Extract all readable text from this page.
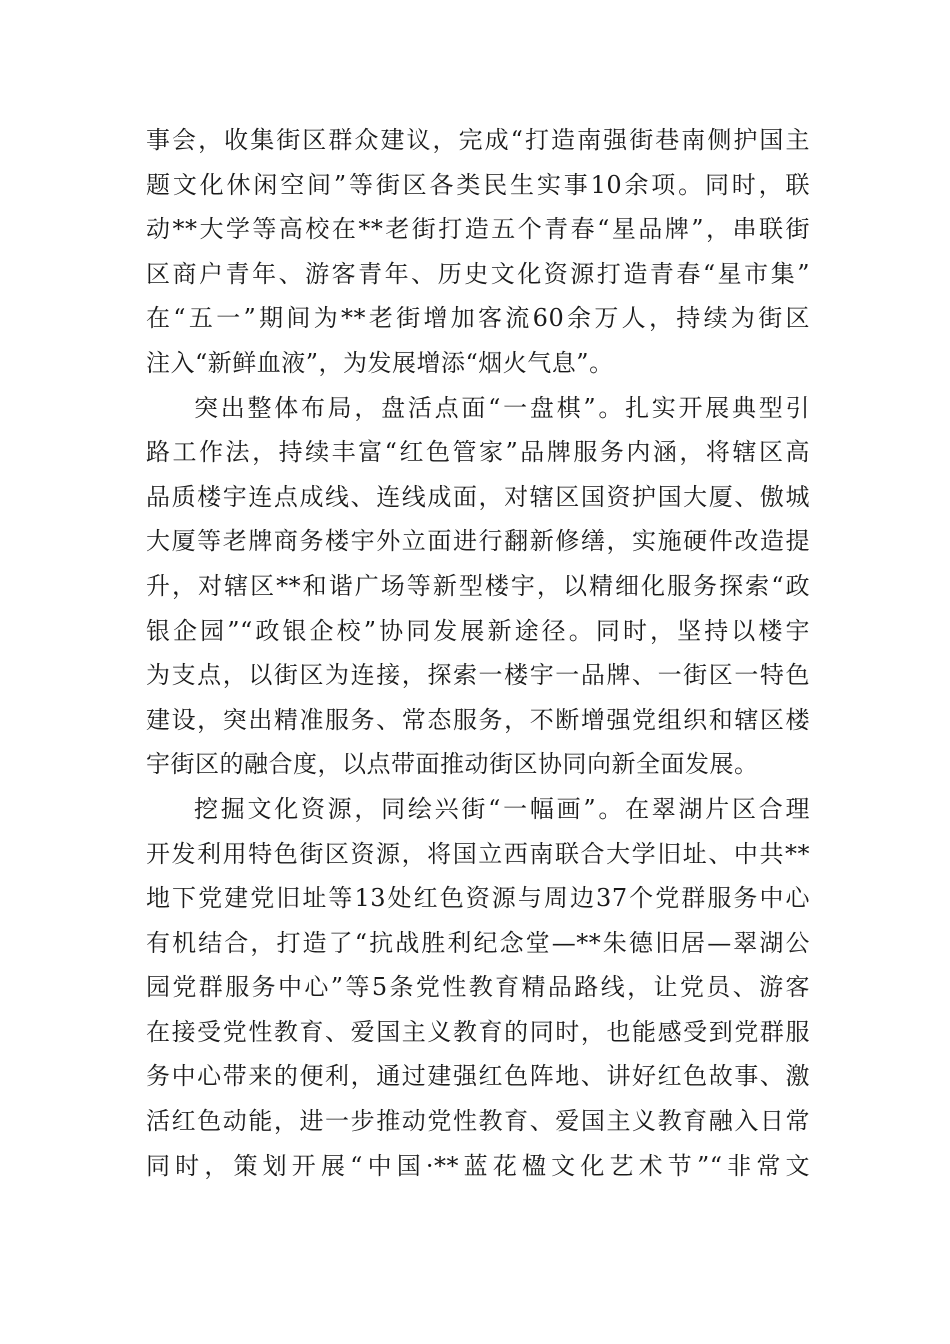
事会，收集街区群众建议，完成“打造南强街巷南侧护国主
题文化休闲空间”等街区各类民生实事10余项。同时，联
动**大学等高校在**老街打造五个青春“星品牌”，串联街
区商户青年、游客青年、历史文化资源打造青春“星市集”
在“五一”期间为**老街增加客流60余万人，持续为街区
注入“新鲜血液”，为发展增添“烟火气息”。
突出整体布局，盘活点面“一盘棋”。扎实开展典型引
路工作法，持续丰富“红色管家”品牌服务内涵，将辖区高
品质楼宇连点成线、连线成面，对辖区国资护国大厦、傲城
大厦等老牌商务楼宇外立面进行翻新修缮，实施硬件改造提
升，对辖区**和谐广场等新型楼宇，以精细化服务探索“政
银企园”“政银企校”协同发展新途径。同时，坚持以楼宇
为支点，以街区为连接，探索一楼宇一品牌、一街区一特色
建设，突出精准服务、常态服务，不断增强党组织和辖区楼
宇街区的融合度，以点带面推动街区协同向新全面发展。
挖掘文化资源，同绘兴街“一幅画”。在翠湖片区合理
开发利用特色街区资源，将国立西南联合大学旧址、中共**
地下党建党旧址等13处红色资源与周边37个党群服务中心
有机结合，打造了“抗战胜利纪念堂—**朱德旧居—翠湖公
园党群服务中心”等5条党性教育精品路线，让党员、游客
在接受党性教育、爱国主义教育的同时，也能感受到党群服
务中心带来的便利，通过建强红色阵地、讲好红色故事、激
活红色动能，进一步推动党性教育、爱国主义教育融入日常
同时，策划开展“中国·**蓝花楹文化艺术节”“非常文
